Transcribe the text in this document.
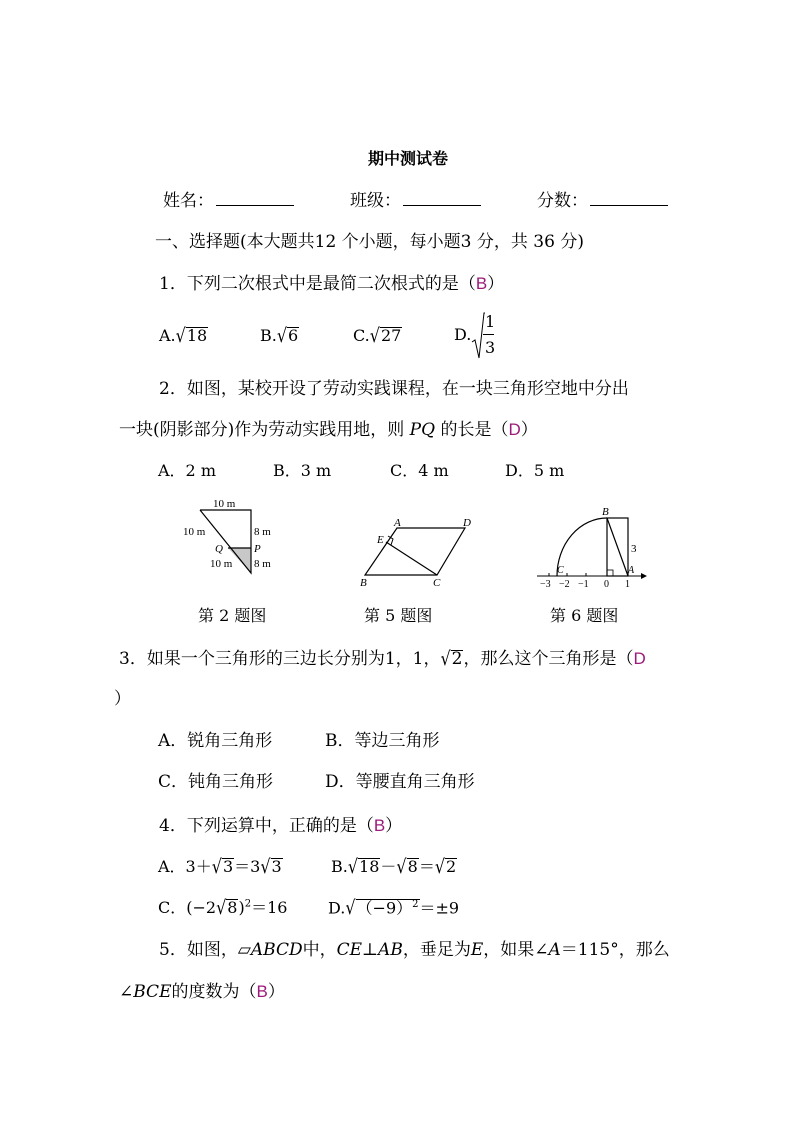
期中测试卷
姓名：	班级：	分数：
一、选择题(本大题共12 个小题，每小题3 分，共 36 分)
1．下列二次根式中是最简二次根式的是（B）
A.√18	B.√6	C.√27	D.
1
3
2．如图，某校开设了劳动实践课程，在一块三角形空地中分出
一块(阴影部分)作为劳动实践用地，则 PQ 的长是（D）
A．2 m	B．3 m	C．4 m	D．5 m
10 m
10 m	8 m
Q	P
10 m 8 m
A	D
E
B	C
B
3
C	A
−3 −2 −1 0 1
第 2 题图	第 5 题图	第 6 题图
3．如果一个三角形的三边长分别为1，1，√2，那么这个三角形是（D
）
A．锐角三角形	B．等边三角形
C．钝角三角形	D．等腰直角三角形
4．下列运算中，正确的是（B）
A．3＋√3＝3√3	B.√18－√8＝√2
C．$(-2√8)^2=16$	$D.√(-9)^2=\pm 9$
5．如图，▱ABCD中，CE⊥AB，垂足为E，如果∠A＝115°，那么
∠BCE的度数为（B）
